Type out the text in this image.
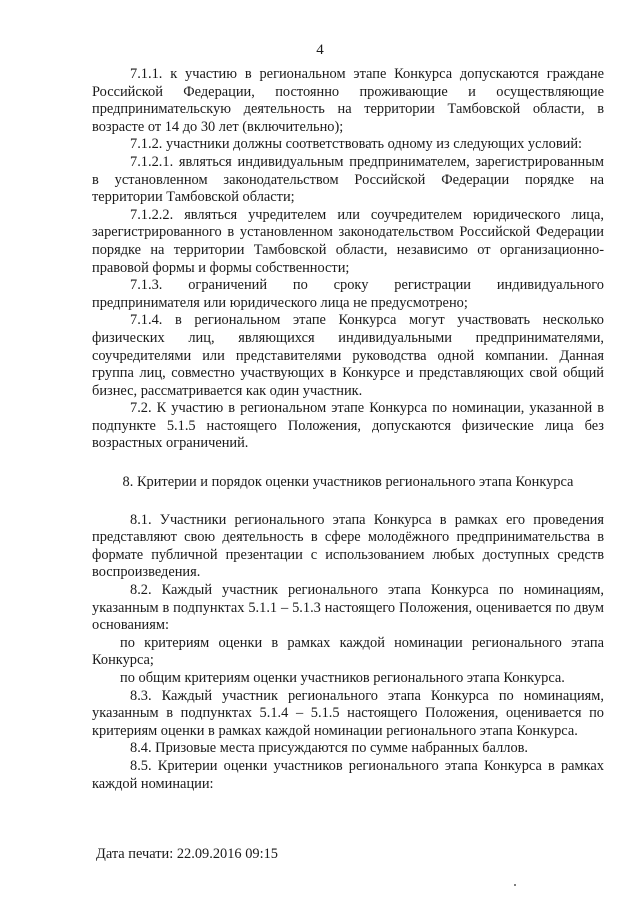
4

7.1.1. к участию в региональном этапе Конкурса допускаются граждане Российской Федерации, постоянно проживающие и осуществляющие предпринимательскую деятельность на территории Тамбовской области, в возрасте от 14 до 30 лет (включительно);

7.1.2. участники должны соответствовать одному из следующих условий:

7.1.2.1. являться индивидуальным предпринимателем, зарегистрированным в установленном законодательством Российской Федерации порядке на территории Тамбовской области;

7.1.2.2. являться учредителем или соучредителем юридического лица, зарегистрированного в установленном законодательством Российской Федерации порядке на территории Тамбовской области, независимо от организационно-правовой формы и формы собственности;

7.1.3. ограничений по сроку регистрации индивидуального предпринимателя или юридического лица не предусмотрено;

7.1.4. в региональном этапе Конкурса могут участвовать несколько физических лиц, являющихся индивидуальными предпринимателями, соучредителями или представителями руководства одной компании. Данная группа лиц, совместно участвующих в Конкурсе и представляющих свой общий бизнес, рассматривается как один участник.

7.2. К участию в региональном этапе Конкурса по номинации, указанной в подпункте 5.1.5 настоящего Положения, допускаются физические лица без возрастных ограничений.

8. Критерии и порядок оценки участников регионального этапа Конкурса

8.1. Участники регионального этапа Конкурса в рамках его проведения представляют свою деятельность в сфере молодёжного предпринимательства в формате публичной презентации с использованием любых доступных средств воспроизведения.

8.2. Каждый участник регионального этапа Конкурса по номинациям, указанным в подпунктах 5.1.1 – 5.1.3 настоящего Положения, оценивается по двум основаниям:

по критериям оценки в рамках каждой номинации регионального этапа Конкурса;

по общим критериям оценки участников регионального этапа Конкурса.

8.3. Каждый участник регионального этапа Конкурса по номинациям, указанным в подпунктах 5.1.4 – 5.1.5 настоящего Положения, оценивается по критериям оценки в рамках каждой номинации регионального этапа Конкурса.

8.4. Призовые места присуждаются по сумме набранных баллов.

8.5. Критерии оценки участников регионального этапа Конкурса в рамках каждой номинации:

Дата печати: 22.09.2016 09:15
